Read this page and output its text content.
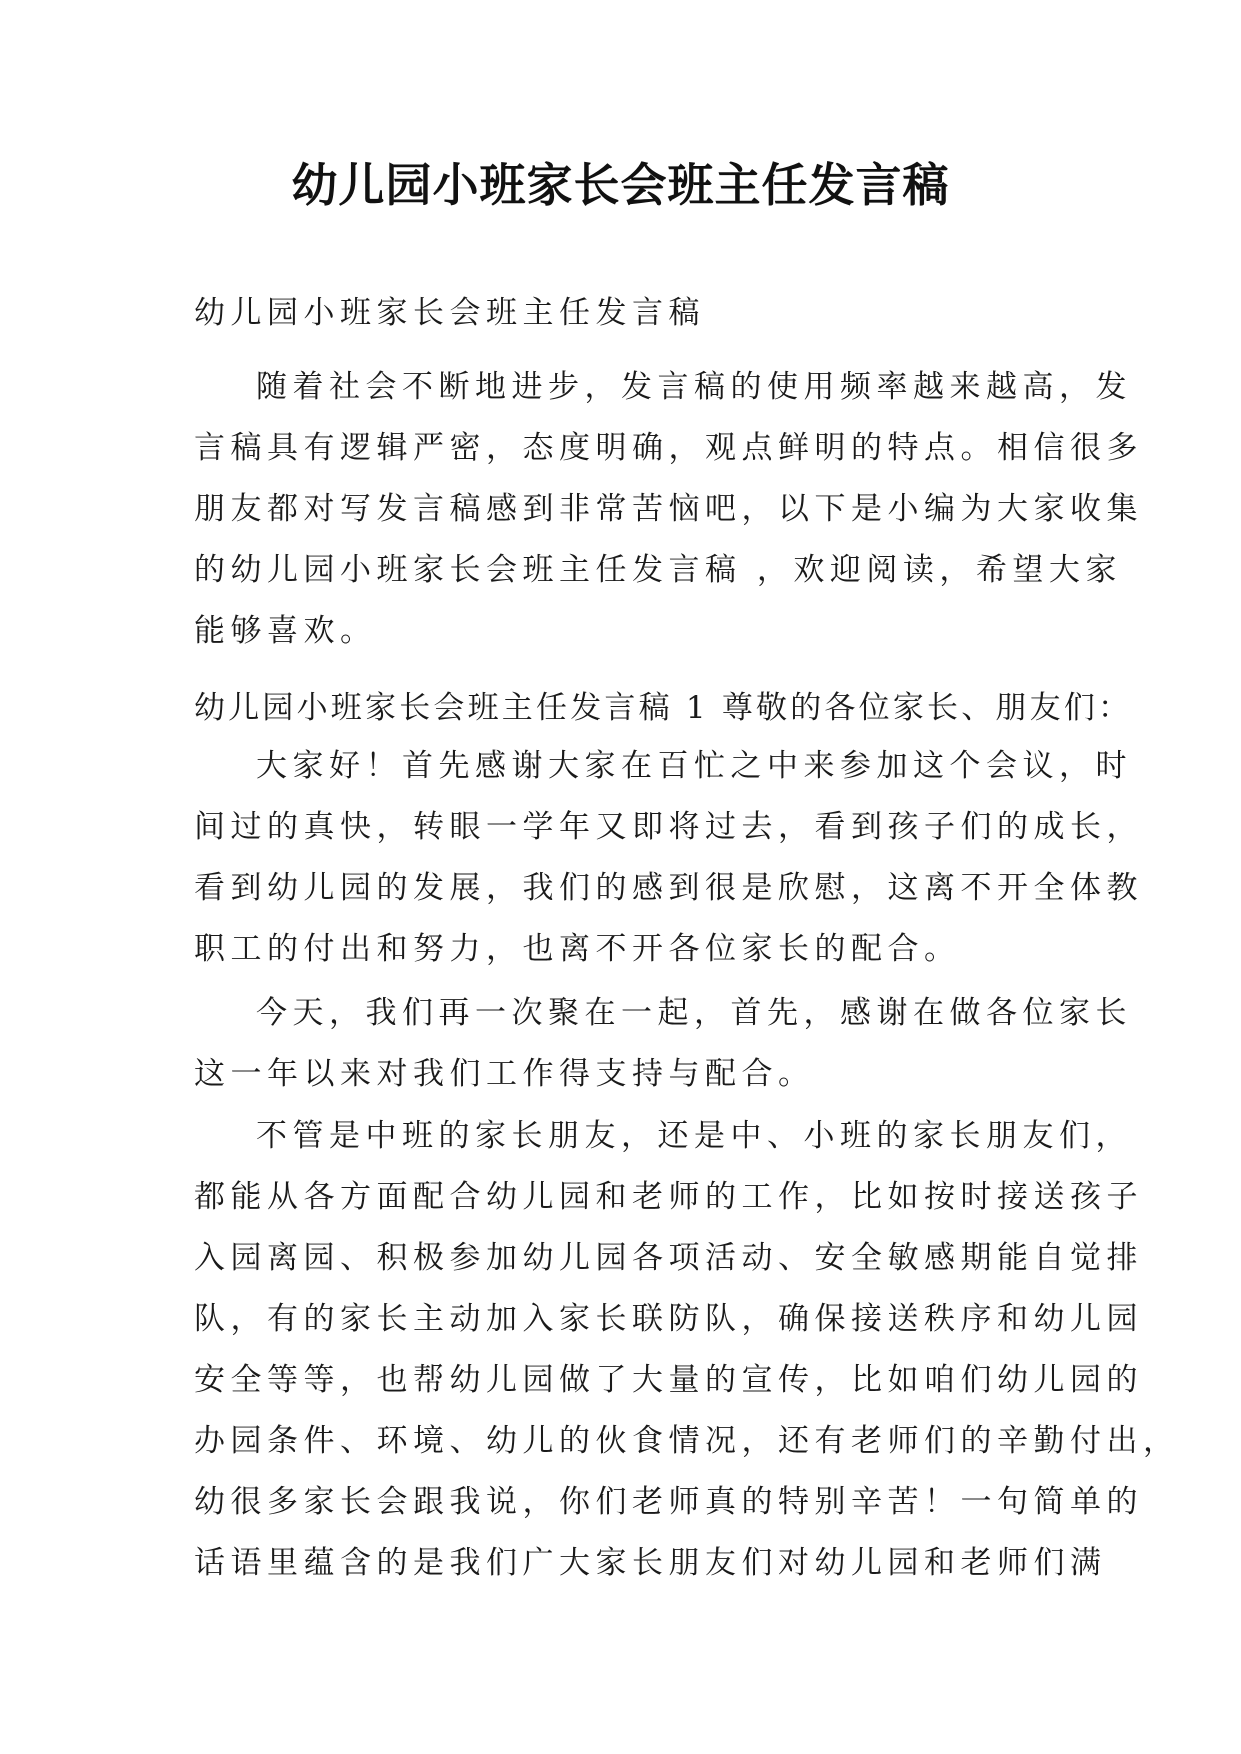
幼儿园小班家长会班主任发言稿
幼儿园小班家长会班主任发言稿
随着社会不断地进步，发言稿的使用频率越来越高，发
言稿具有逻辑严密，态度明确，观点鲜明的特点。相信很多
朋友都对写发言稿感到非常苦恼吧，以下是小编为大家收集
的幼儿园小班家长会班主任发言稿 ，欢迎阅读，希望大家
能够喜欢。
幼儿园小班家长会班主任发言稿 1 尊敬的各位家长、朋友们：
大家好！首先感谢大家在百忙之中来参加这个会议，时
间过的真快，转眼一学年又即将过去，看到孩子们的成长，
看到幼儿园的发展，我们的感到很是欣慰，这离不开全体教
职工的付出和努力，也离不开各位家长的配合。
今天，我们再一次聚在一起，首先，感谢在做各位家长
这一年以来对我们工作得支持与配合。
不管是中班的家长朋友，还是中、小班的家长朋友们，
都能从各方面配合幼儿园和老师的工作，比如按时接送孩子
入园离园、积极参加幼儿园各项活动、安全敏感期能自觉排
队，有的家长主动加入家长联防队，确保接送秩序和幼儿园
安全等等，也帮幼儿园做了大量的宣传，比如咱们幼儿园的
办园条件、环境、幼儿的伙食情况，还有老师们的辛勤付出，
幼很多家长会跟我说，你们老师真的特别辛苦！一句简单的
话语里蕴含的是我们广大家长朋友们对幼儿园和老师们满
